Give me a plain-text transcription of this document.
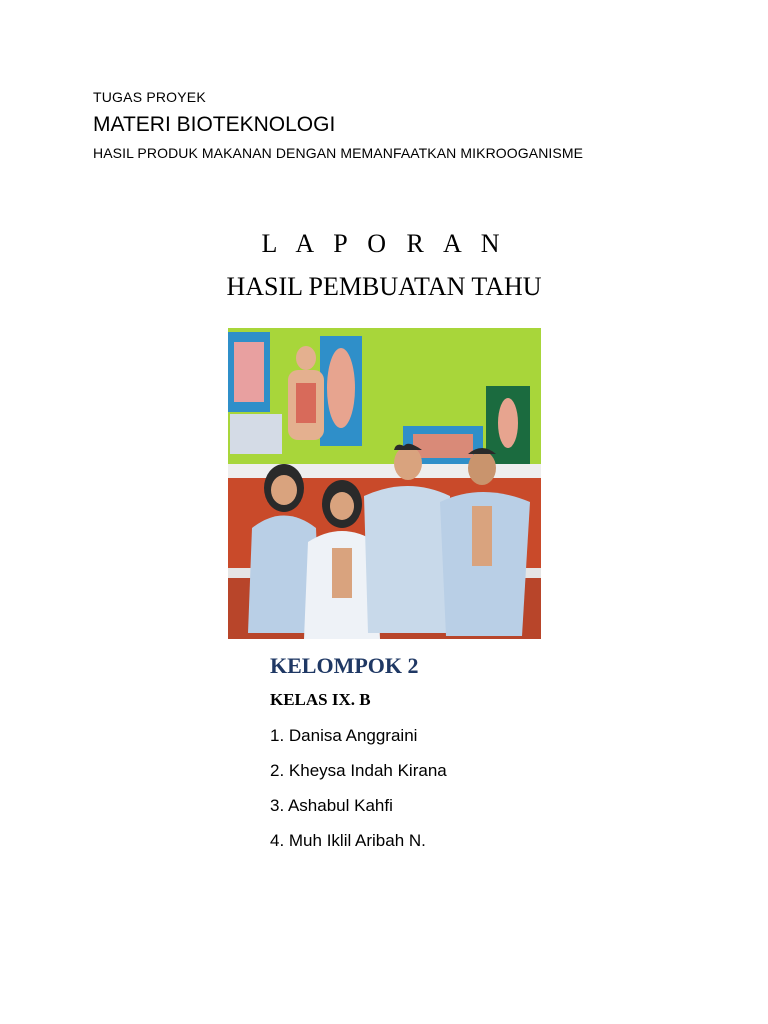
TUGAS PROYEK
MATERI BIOTEKNOLOGI
HASIL PRODUK MAKANAN DENGAN MEMANFAATKAN MIKROOGANISME
L A P O R A N
HASIL PEMBUATAN TAHU
KELOMPOK 2
KELAS IX. B
1. Danisa Anggraini
2. Kheysa Indah Kirana
3. Ashabul Kahfi
4. Muh Iklil Aribah N.
